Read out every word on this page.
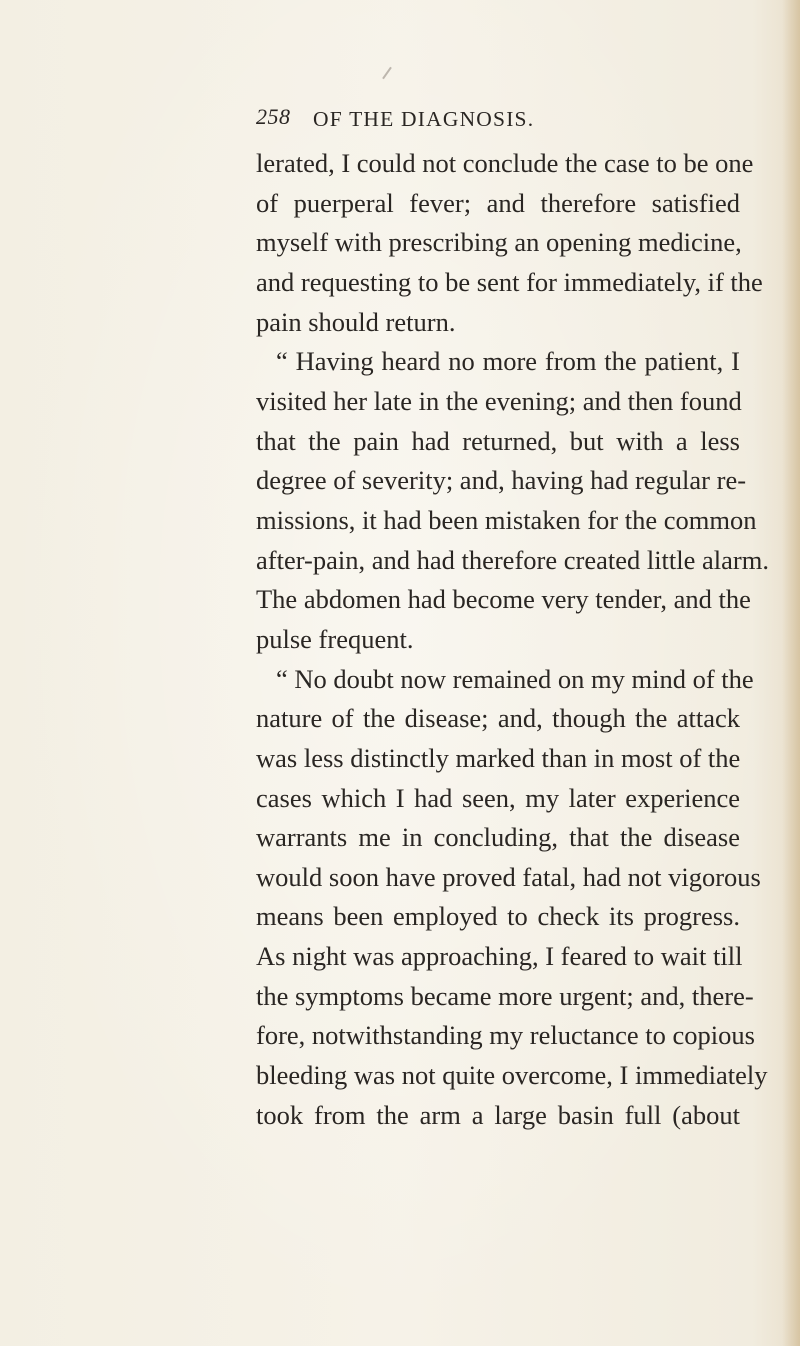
258 OF THE DIAGNOSIS.
lerated, I could not conclude the case to be one
of puerperal fever; and therefore satisfied
myself with prescribing an opening medicine,
and requesting to be sent for immediately, if the
pain should return.
“ Having heard no more from the patient, I
visited her late in the evening; and then found
that the pain had returned, but with a less
degree of severity; and, having had regular re-
missions, it had been mistaken for the common
after-pain, and had therefore created little alarm.
The abdomen had become very tender, and the
pulse frequent.
“ No doubt now remained on my mind of the
nature of the disease; and, though the attack
was less distinctly marked than in most of the
cases which I had seen, my later experience
warrants me in concluding, that the disease
would soon have proved fatal, had not vigorous
means been employed to check its progress.
As night was approaching, I feared to wait till
the symptoms became more urgent; and, there-
fore, notwithstanding my reluctance to copious
bleeding was not quite overcome, I immediately
took from the arm a large basin full (about
